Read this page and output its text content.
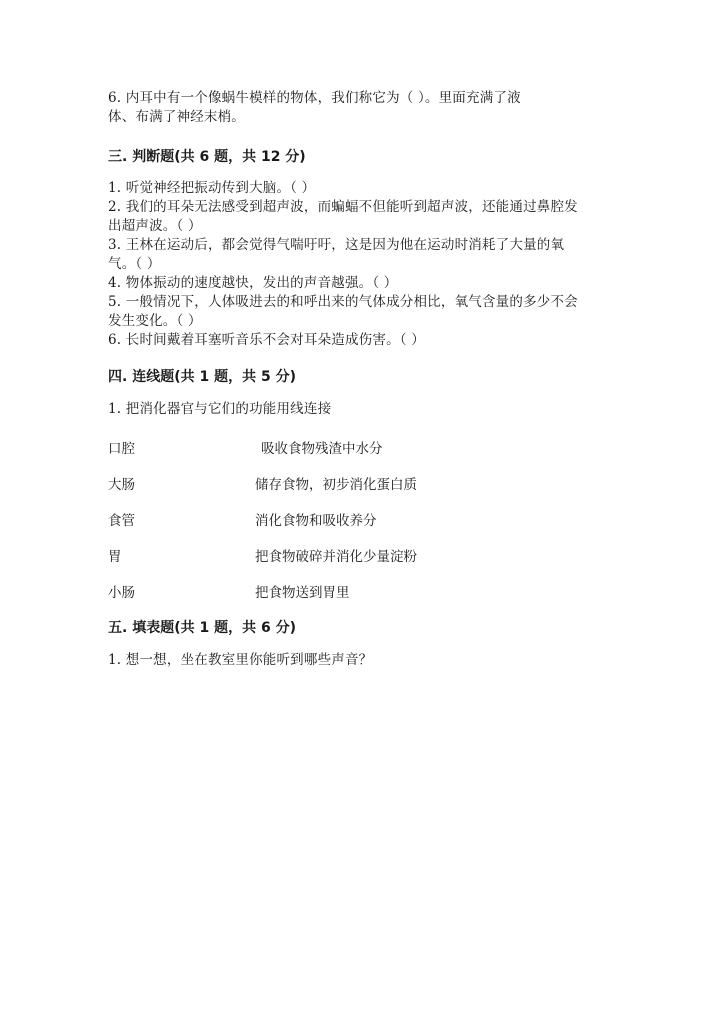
6. 内耳中有一个像蜗牛模样的物体，我们称它为（ ）。里面充满了液
体、布满了神经末梢。
三. 判断题(共 6 题，共 12 分)
1. 听觉神经把振动传到大脑。（ ）
2. 我们的耳朵无法感受到超声波，而蝙蝠不但能听到超声波，还能通过鼻腔发
出超声波。（ ）
3. 王林在运动后，都会觉得气喘吁吁，这是因为他在运动时消耗了大量的氧
气。（ ）
4. 物体振动的速度越快，发出的声音越强。（ ）
5. 一般情况下，人体吸进去的和呼出来的气体成分相比，氧气含量的多少不会
发生变化。（ ）
6. 长时间戴着耳塞听音乐不会对耳朵造成伤害。（ ）
四. 连线题(共 1 题，共 5 分)
1. 把消化器官与它们的功能用线连接
口腔	吸收食物残渣中水分
大肠	储存食物，初步消化蛋白质
食管	消化食物和吸收养分
胃	把食物破碎并消化少量淀粉
小肠	把食物送到胃里
五. 填表题(共 1 题，共 6 分)
1. 想一想，坐在教室里你能听到哪些声音？
